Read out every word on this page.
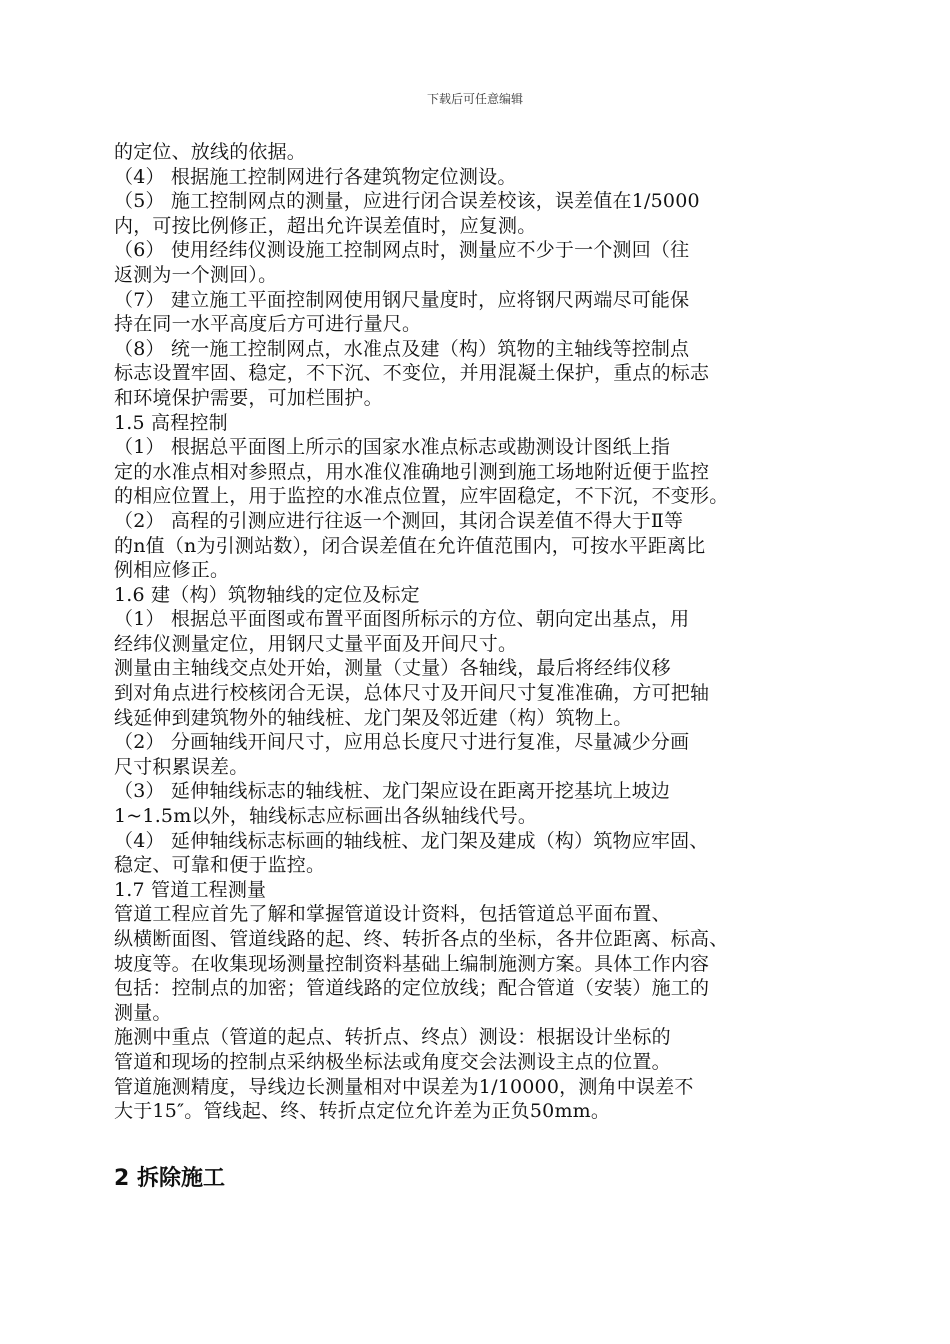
下载后可任意编辑
的定位、放线的依据。
（4） 根据施工控制网进行各建筑物定位测设。
（5） 施工控制网点的测量，应进行闭合误差校该，误差值在1/5000
内，可按比例修正，超出允许误差值时，应复测。
（6） 使用经纬仪测设施工控制网点时，测量应不少于一个测回（往
返测为一个测回）。
（7） 建立施工平面控制网使用钢尺量度时，应将钢尺两端尽可能保
持在同一水平高度后方可进行量尺。
（8） 统一施工控制网点，水准点及建（构）筑物的主轴线等控制点
标志设置牢固、稳定，不下沉、不变位，并用混凝土保护，重点的标志
和环境保护需要，可加栏围护。
1.5 高程控制
（1） 根据总平面图上所示的国家水准点标志或勘测设计图纸上指
定的水准点相对参照点，用水准仪准确地引测到施工场地附近便于监控
的相应位置上，用于监控的水准点位置，应牢固稳定，不下沉，不变形。
（2） 高程的引测应进行往返一个测回，其闭合误差值不得大于Ⅱ等
的n值（n为引测站数），闭合误差值在允许值范围内，可按水平距离比
例相应修正。
1.6 建（构）筑物轴线的定位及标定
（1） 根据总平面图或布置平面图所标示的方位、朝向定出基点，用
经纬仪测量定位，用钢尺丈量平面及开间尺寸。
测量由主轴线交点处开始，测量（丈量）各轴线，最后将经纬仪移
到对角点进行校核闭合无误，总体尺寸及开间尺寸复准准确，方可把轴
线延伸到建筑物外的轴线桩、龙门架及邻近建（构）筑物上。
（2） 分画轴线开间尺寸，应用总长度尺寸进行复准，尽量减少分画
尺寸积累误差。
（3） 延伸轴线标志的轴线桩、龙门架应设在距离开挖基坑上坡边
1~1.5m以外，轴线标志应标画出各纵轴线代号。
（4） 延伸轴线标志标画的轴线桩、龙门架及建成（构）筑物应牢固、
稳定、可靠和便于监控。
1.7 管道工程测量
管道工程应首先了解和掌握管道设计资料，包括管道总平面布置、
纵横断面图、管道线路的起、终、转折各点的坐标，各井位距离、标高、
坡度等。在收集现场测量控制资料基础上编制施测方案。具体工作内容
包括：控制点的加密；管道线路的定位放线；配合管道（安装）施工的
测量。
施测中重点（管道的起点、转折点、终点）测设：根据设计坐标的
管道和现场的控制点采纳极坐标法或角度交会法测设主点的位置。
管道施测精度，导线边长测量相对中误差为1/10000，测角中误差不
大于15″。管线起、终、转折点定位允许差为正负50mm。
2 拆除施工
